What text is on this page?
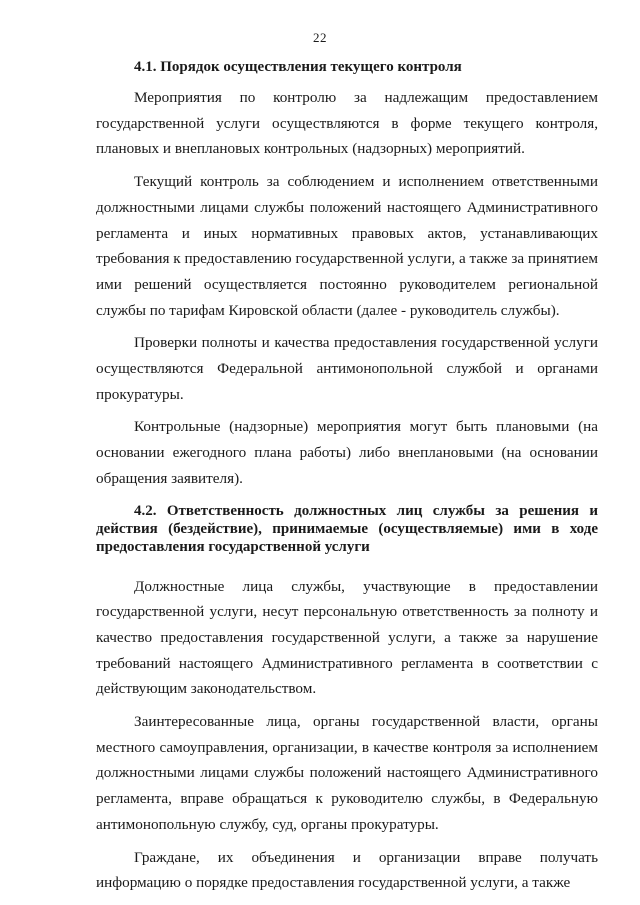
22
4.1. Порядок осуществления текущего контроля

Мероприятия по контролю за надлежащим предоставлением государственной услуги осуществляются в форме текущего контроля, плановых и внеплановых контрольных (надзорных) мероприятий.

Текущий контроль за соблюдением и исполнением ответственными должностными лицами службы положений настоящего Административного регламента и иных нормативных правовых актов, устанавливающих требования к предоставлению государственной услуги, а также за принятием ими решений осуществляется постоянно руководителем региональной службы по тарифам Кировской области (далее - руководитель службы).

Проверки полноты и качества предоставления государственной услуги осуществляются Федеральной антимонопольной службой и органами прокуратуры.

Контрольные (надзорные) мероприятия могут быть плановыми (на основании ежегодного плана работы) либо внеплановыми (на основании обращения заявителя).

4.2. Ответственность должностных лиц службы за решения и действия (бездействие), принимаемые (осуществляемые) ими в ходе предоставления государственной услуги

Должностные лица службы, участвующие в предоставлении государственной услуги, несут персональную ответственность за полноту и качество предоставления государственной услуги, а также за нарушение требований настоящего Административного регламента в соответствии с действующим законодательством.

Заинтересованные лица, органы государственной власти, органы местного самоуправления, организации, в качестве контроля за исполнением должностными лицами службы положений настоящего Административного регламента, вправе обращаться к руководителю службы, в Федеральную антимонопольную службу, суд, органы прокуратуры.

Граждане, их объединения и организации вправе получать информацию о порядке предоставления государственной услуги, а также
